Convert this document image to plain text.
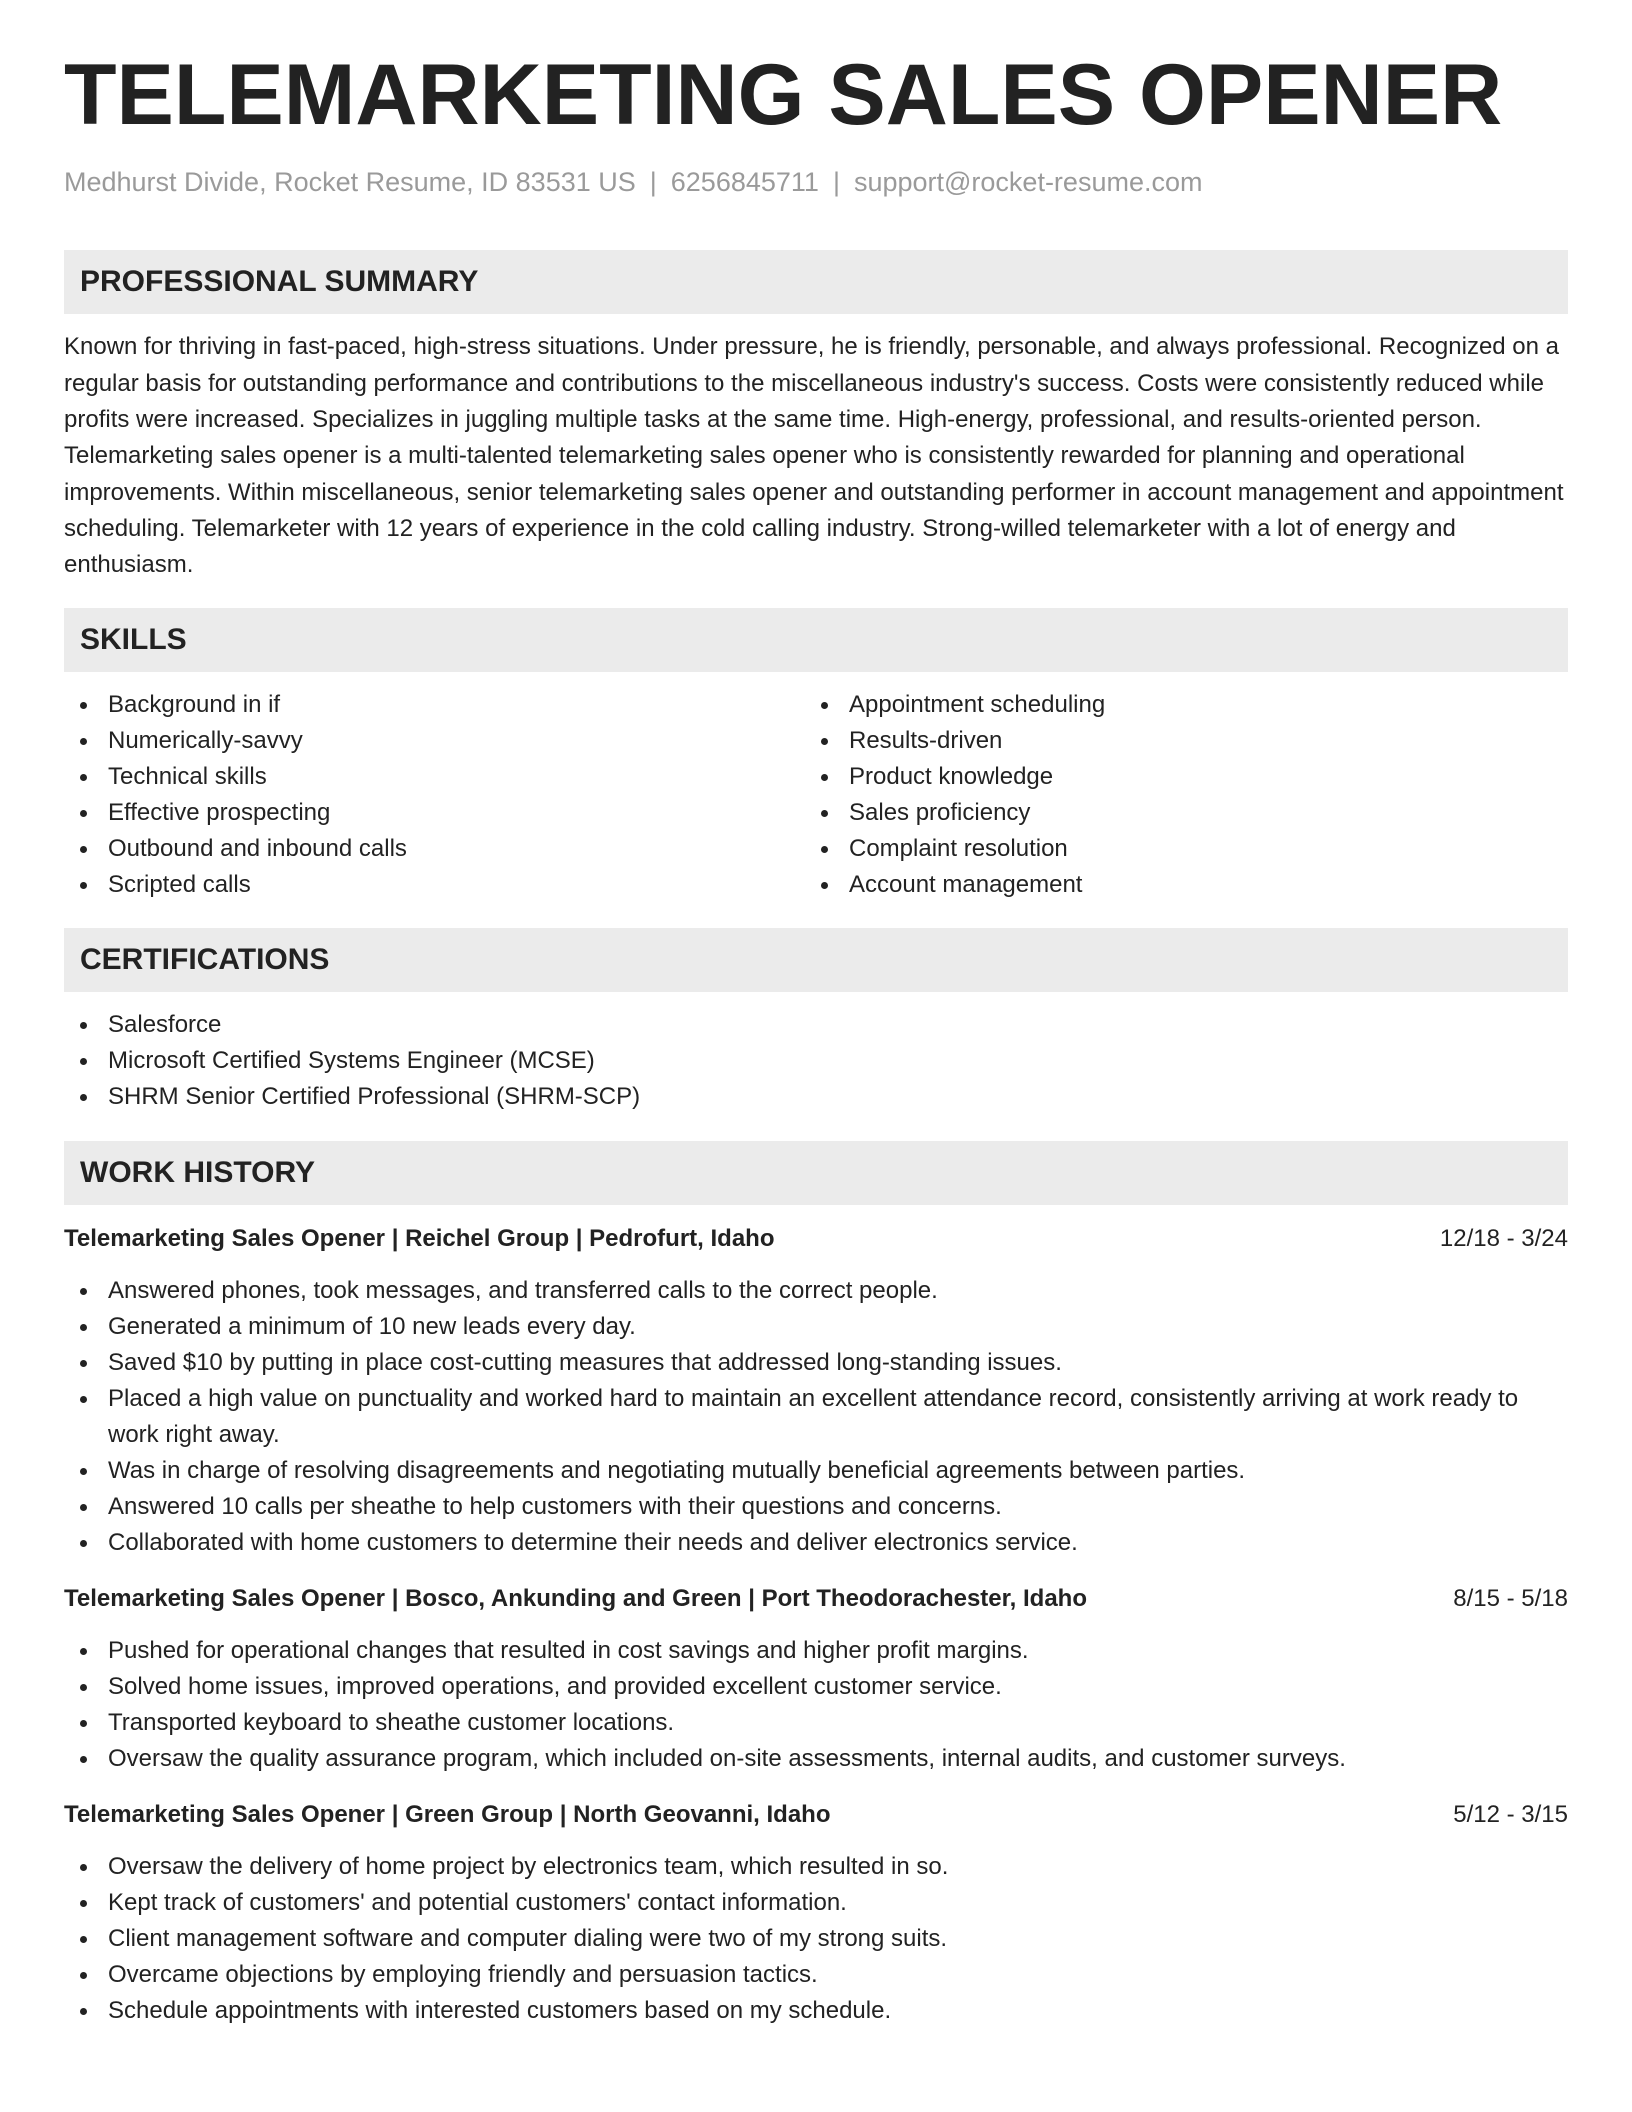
TELEMARKETING SALES OPENER
Medhurst Divide, Rocket Resume, ID 83531 US | 6256845711 | support@rocket-resume.com
PROFESSIONAL SUMMARY
Known for thriving in fast-paced, high-stress situations. Under pressure, he is friendly, personable, and always professional. Recognized on a regular basis for outstanding performance and contributions to the miscellaneous industry's success. Costs were consistently reduced while profits were increased. Specializes in juggling multiple tasks at the same time. High-energy, professional, and results-oriented person. Telemarketing sales opener is a multi-talented telemarketing sales opener who is consistently rewarded for planning and operational improvements. Within miscellaneous, senior telemarketing sales opener and outstanding performer in account management and appointment scheduling. Telemarketer with 12 years of experience in the cold calling industry. Strong-willed telemarketer with a lot of energy and enthusiasm.
SKILLS
Background in if
Numerically-savvy
Technical skills
Effective prospecting
Outbound and inbound calls
Scripted calls
Appointment scheduling
Results-driven
Product knowledge
Sales proficiency
Complaint resolution
Account management
CERTIFICATIONS
Salesforce
Microsoft Certified Systems Engineer (MCSE)
SHRM Senior Certified Professional (SHRM-SCP)
WORK HISTORY
Telemarketing Sales Opener | Reichel Group | Pedrofurt, Idaho	12/18 - 3/24
Answered phones, took messages, and transferred calls to the correct people.
Generated a minimum of 10 new leads every day.
Saved $10 by putting in place cost-cutting measures that addressed long-standing issues.
Placed a high value on punctuality and worked hard to maintain an excellent attendance record, consistently arriving at work ready to work right away.
Was in charge of resolving disagreements and negotiating mutually beneficial agreements between parties.
Answered 10 calls per sheathe to help customers with their questions and concerns.
Collaborated with home customers to determine their needs and deliver electronics service.
Telemarketing Sales Opener | Bosco, Ankunding and Green | Port Theodorachester, Idaho	8/15 - 5/18
Pushed for operational changes that resulted in cost savings and higher profit margins.
Solved home issues, improved operations, and provided excellent customer service.
Transported keyboard to sheathe customer locations.
Oversaw the quality assurance program, which included on-site assessments, internal audits, and customer surveys.
Telemarketing Sales Opener | Green Group | North Geovanni, Idaho	5/12 - 3/15
Oversaw the delivery of home project by electronics team, which resulted in so.
Kept track of customers' and potential customers' contact information.
Client management software and computer dialing were two of my strong suits.
Overcame objections by employing friendly and persuasion tactics.
Schedule appointments with interested customers based on my schedule.
